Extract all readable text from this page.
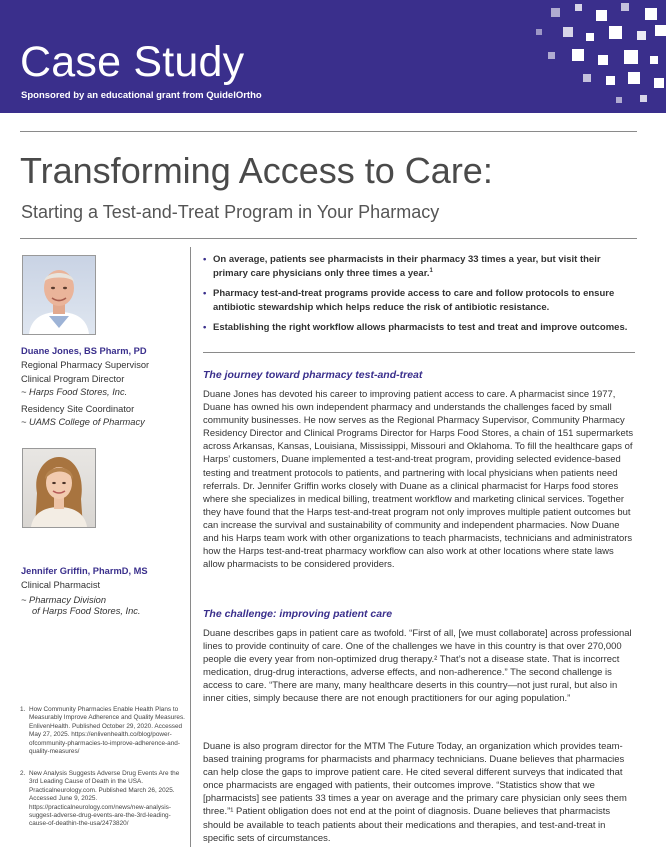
Case Study
Sponsored by an educational grant from QuidelOrtho
Transforming Access to Care:
Starting a Test-and-Treat Program in Your Pharmacy
Duane Jones, BS Pharm, PD
Regional Pharmacy Supervisor
Clinical Program Director
~ Harps Food Stores, Inc.
Residency Site Coordinator
~ UAMS College of Pharmacy
Jennifer Griffin, PharmD, MS
Clinical Pharmacist
~ Pharmacy Division
of Harps Food Stores, Inc.
• On average, patients see pharmacists in their pharmacy 33 times a year, but visit their primary care physicians only three times a year.$^1$
• Pharmacy test-and-treat programs provide access to care and follow protocols to ensure antibiotic stewardship which helps reduce the risk of antibiotic resistance.
• Establishing the right workflow allows pharmacists to test and treat and improve outcomes.
The journey toward pharmacy test-and-treat

Duane Jones has devoted his career to improving patient access to care. A pharmacist since 1977, Duane has owned his own independent pharmacy and understands the challenges faced by small community businesses. He now serves as the Regional Pharmacy Supervisor, Community Pharmacy Residency Director and Clinical Programs Director for Harps Food Stores, a chain of 151 supermarkets across Arkansas, Kansas, Louisiana, Mississippi, Missouri and Oklahoma. To fill the healthcare gaps of Harps’ customers, Duane implemented a test-and-treat program, providing selected evidence-based testing and treatment protocols to patients, and partnering with local physicians when patients need referrals. Dr. Jennifer Griffin works closely with Duane as a clinical pharmacist for Harps food stores where she specializes in medical billing, treatment workflow and marketing clinical services. Together they have found that the Harps test-and-treat program not only improves multiple patient outcomes but can increase the survival and sustainability of community and independent pharmacies. Now Duane and his Harps team work with other organizations to teach pharmacists, technicians and administrators how the Harps test-and-treat pharmacy workflow can also work at other locations where state laws allow pharmacists to be considered providers.

The challenge: improving patient care

Duane describes gaps in patient care as twofold. “First of all, [we must collaborate] across professional lines to provide continuity of care. One of the challenges we have in this country is that over 270,000 people die every year from non-optimized drug therapy.² That’s not a disease state. That is incorrect medication, drug-drug interactions, adverse effects, and non-adherence.” The second challenge is access to care. “There are many, many healthcare deserts in this country—not just rural, but also in inner cities, simply because there are not enough practitioners for our aging population.”

Duane is also program director for the MTM The Future Today, an organization which provides team-based training programs for pharmacists and pharmacy technicians. Duane believes that pharmacies can help close the gaps to improve patient care. He cited several different surveys that indicated that once pharmacists are engaged with patients, their outcomes improve. “Statistics show that we [pharmacists] see patients 33 times a year on average and the primary care physician only sees them three.”¹ Patient obligation does not end at the point of diagnosis. Duane believes that pharmacists should be available to teach patients about their medications and therapies, and test-and-treat in specific sets of circumstances.

1. How Community Pharmacies Enable Health Plans to Measurably Improve Adherence and Quality Measures. EnlivenHealth. Published October 29, 2020. Accessed May 27, 2025. https://enlivenhealth.co/blog/power-ofcommunity-pharmacies-to-improve-adherence-and-quality-measures/
2. New Analysis Suggests Adverse Drug Events Are the 3rd Leading Cause of Death in the USA. Practicalneurology.com. Published March 26, 2025. Accessed June 9, 2025. https://practicalneurology.com/news/new-analysis-suggest-adverse-drug-events-are-the-3rd-leading-cause-of-deathin-the-usa/2473820/
